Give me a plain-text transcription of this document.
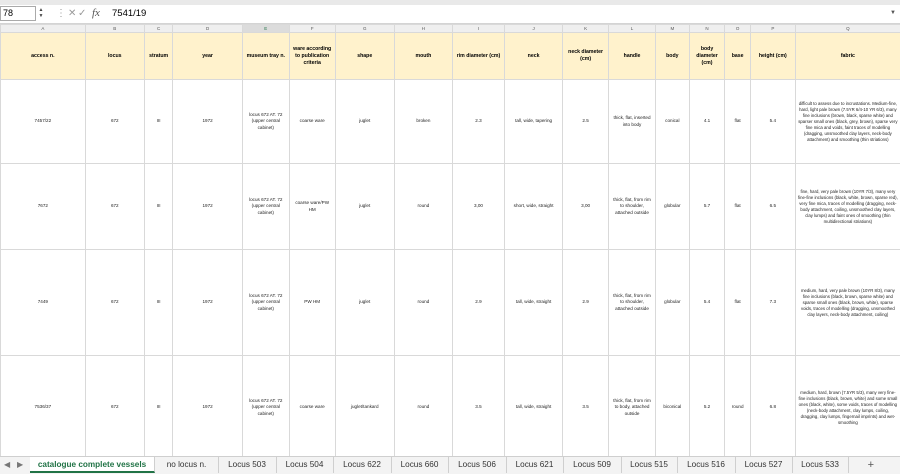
78	▲
▼ ⋮ ✕ ✓ fx 7541/19	▼
A	B	C	D	E	F	G	H	I	J	K	L	M	N	O	P	Q
access n.	locus	stratum	year	museum tray n.	ware according to publication criteria	shape	mouth	rim diameter (cm)	neck	neck diameter (cm)	handle	body	body diameter (cm)	base	height (cm)	fabric
7457/22	672	III	1972	locus 672 AT. 72 (upper central cabinet)	coarse ware	juglet	broken	2.3	tall, wide, tapering	2.5	thick, flat, inserted into body	conical	4.1	flat	5.4	difficult to assess due to incrustations. Medium-fine, hard, light pale brown (7.5YR 6/4-10 YR 6/3), many fine inclusions (brown, black, sparse white) and sparser small ones (black, grey, brown), sparse very fine mica and voids, faint traces of modelling (dragging, unsmoothed clay layers, neck-body attachment) and smoothing (thin striations)
7672	672	III	1972	locus 672 AT. 72 (upper central cabinet)	coarse ware/PW HM	juglet	round	3,00	short, wide, straight	3,00	thick, flat, from rim to shoulder, attached outside	globular	5.7	flat	6.5	fine, hard, very pale brown (10YR 7/3), many very fine-fine inclusions (black, white, brown, sparse red), very fine mica, traces of modelling (dragging, neck-body attachment, coiling, unsmoothed clay layers, clay lumps) and faint ones of smoothing (thin multidirectional striations)
7449	672	III	1972	locus 672 AT. 72 (upper central cabinet)	PW HM	juglet	round	2.9	tall, wide, straight	2.9	thick, flat, from rim to shoulder, attached outside	globular	5.4	flat	7.3	medium, hard, very pale brown (10YR 8/3), many fine inclusions (black, brown, sparse white) and sparse small ones (black, brown, white), sparse voids, traces of modelling (dragging, unsmoothed clay layers, neck-body attachment, coiling)
7536/37	672	III	1972	locus 672 AT. 72 (upper central cabinet)	coarse ware	juglet/tankard	round	3.5	tall, wide, straight	3.5	thick, flat, from rim to body, attached outside	biconical	5.2	round	6.8	medium, hard, brown (7.5YR 5/3), many very fine-fine inclusions (black, brown, white) and some small ones (black, white), some voids, traces of modelling (neck-body attachment, clay lumps, coiling, dragging, clay lumps, fingernail imprints) and wet-smoothing
◀ ▶	catalogue complete vessels	no locus n.	Locus 503	Locus 504	Locus 622	Locus 660	Locus 506	Locus 621	Locus 509	Locus 515	Locus 516	Locus 527	Locus 533	+
